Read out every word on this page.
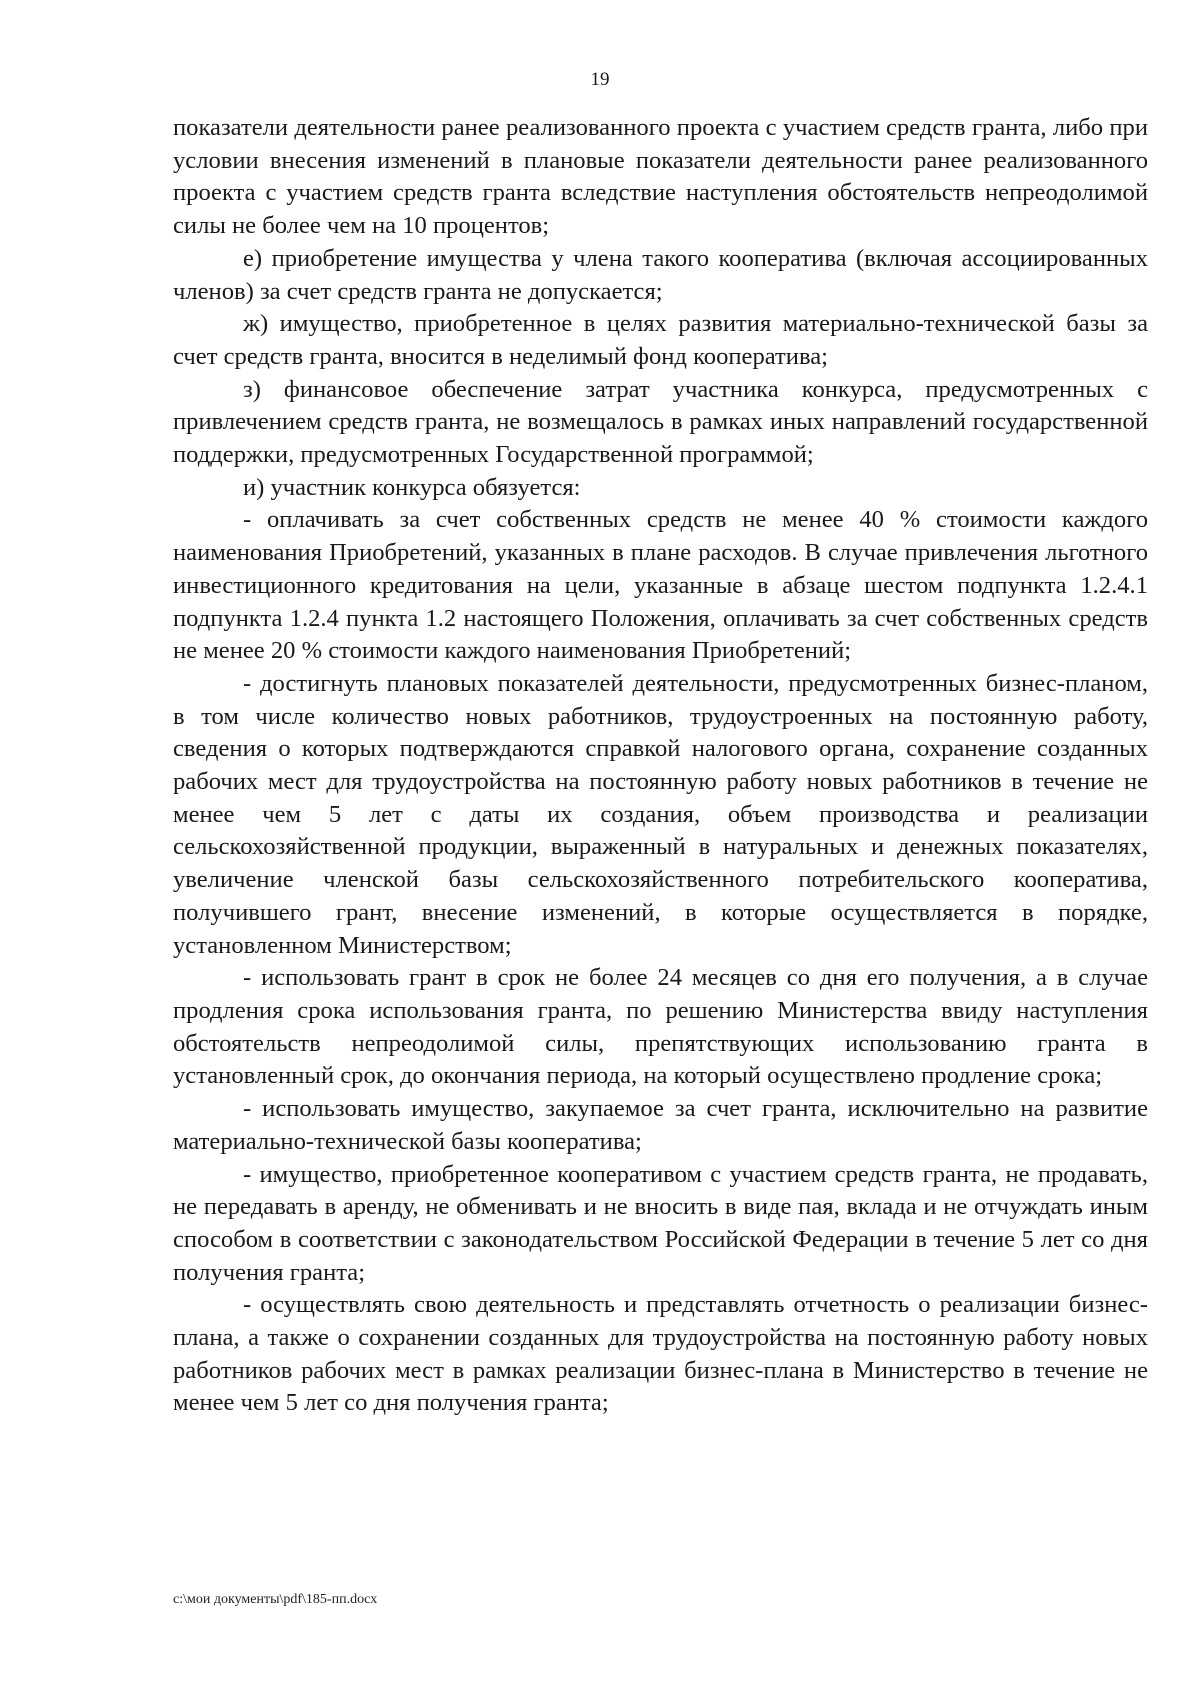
19

показатели деятельности ранее реализованного проекта с участием средств гранта, либо при условии внесения изменений в плановые показатели деятельности ранее реализованного проекта с участием средств гранта вследствие наступления обстоятельств непреодолимой силы не более чем на 10 процентов;

е) приобретение имущества у члена такого кооператива (включая ассоциированных членов) за счет средств гранта не допускается;

ж) имущество, приобретенное в целях развития материально-технической базы за счет средств гранта, вносится в неделимый фонд кооператива;

з) финансовое обеспечение затрат участника конкурса, предусмотренных с привлечением средств гранта, не возмещалось в рамках иных направлений государственной поддержки, предусмотренных Государственной программой;

и) участник конкурса обязуется:

- оплачивать за счет собственных средств не менее 40 % стоимости каждого наименования Приобретений, указанных в плане расходов. В случае привлечения льготного инвестиционного кредитования на цели, указанные в абзаце шестом подпункта 1.2.4.1 подпункта 1.2.4 пункта 1.2 настоящего Положения, оплачивать за счет собственных средств не менее 20 % стоимости каждого наименования Приобретений;

- достигнуть плановых показателей деятельности, предусмотренных бизнес-планом, в том числе количество новых работников, трудоустроенных на постоянную работу, сведения о которых подтверждаются справкой налогового органа, сохранение созданных рабочих мест для трудоустройства на постоянную работу новых работников в течение не менее чем 5 лет с даты их создания, объем производства и реализации сельскохозяйственной продукции, выраженный в натуральных и денежных показателях, увеличение членской базы сельскохозяйственного потребительского кооператива, получившего грант, внесение изменений, в которые осуществляется в порядке, установленном Министерством;

- использовать грант в срок не более 24 месяцев со дня его получения, а в случае продления срока использования гранта, по решению Министерства ввиду наступления обстоятельств непреодолимой силы, препятствующих использованию гранта в установленный срок, до окончания периода, на который осуществлено продление срока;

- использовать имущество, закупаемое за счет гранта, исключительно на развитие материально-технической базы кооператива;

- имущество, приобретенное кооперативом с участием средств гранта, не продавать, не передавать в аренду, не обменивать и не вносить в виде пая, вклада и не отчуждать иным способом в соответствии с законодательством Российской Федерации в течение 5 лет со дня получения гранта;

- осуществлять свою деятельность и представлять отчетность о реализации бизнес-плана, а также о сохранении созданных для трудоустройства на постоянную работу новых работников рабочих мест в рамках реализации бизнес-плана в Министерство в течение не менее чем 5 лет со дня получения гранта;

c:\мои документы\pdf\185-пп.docx
